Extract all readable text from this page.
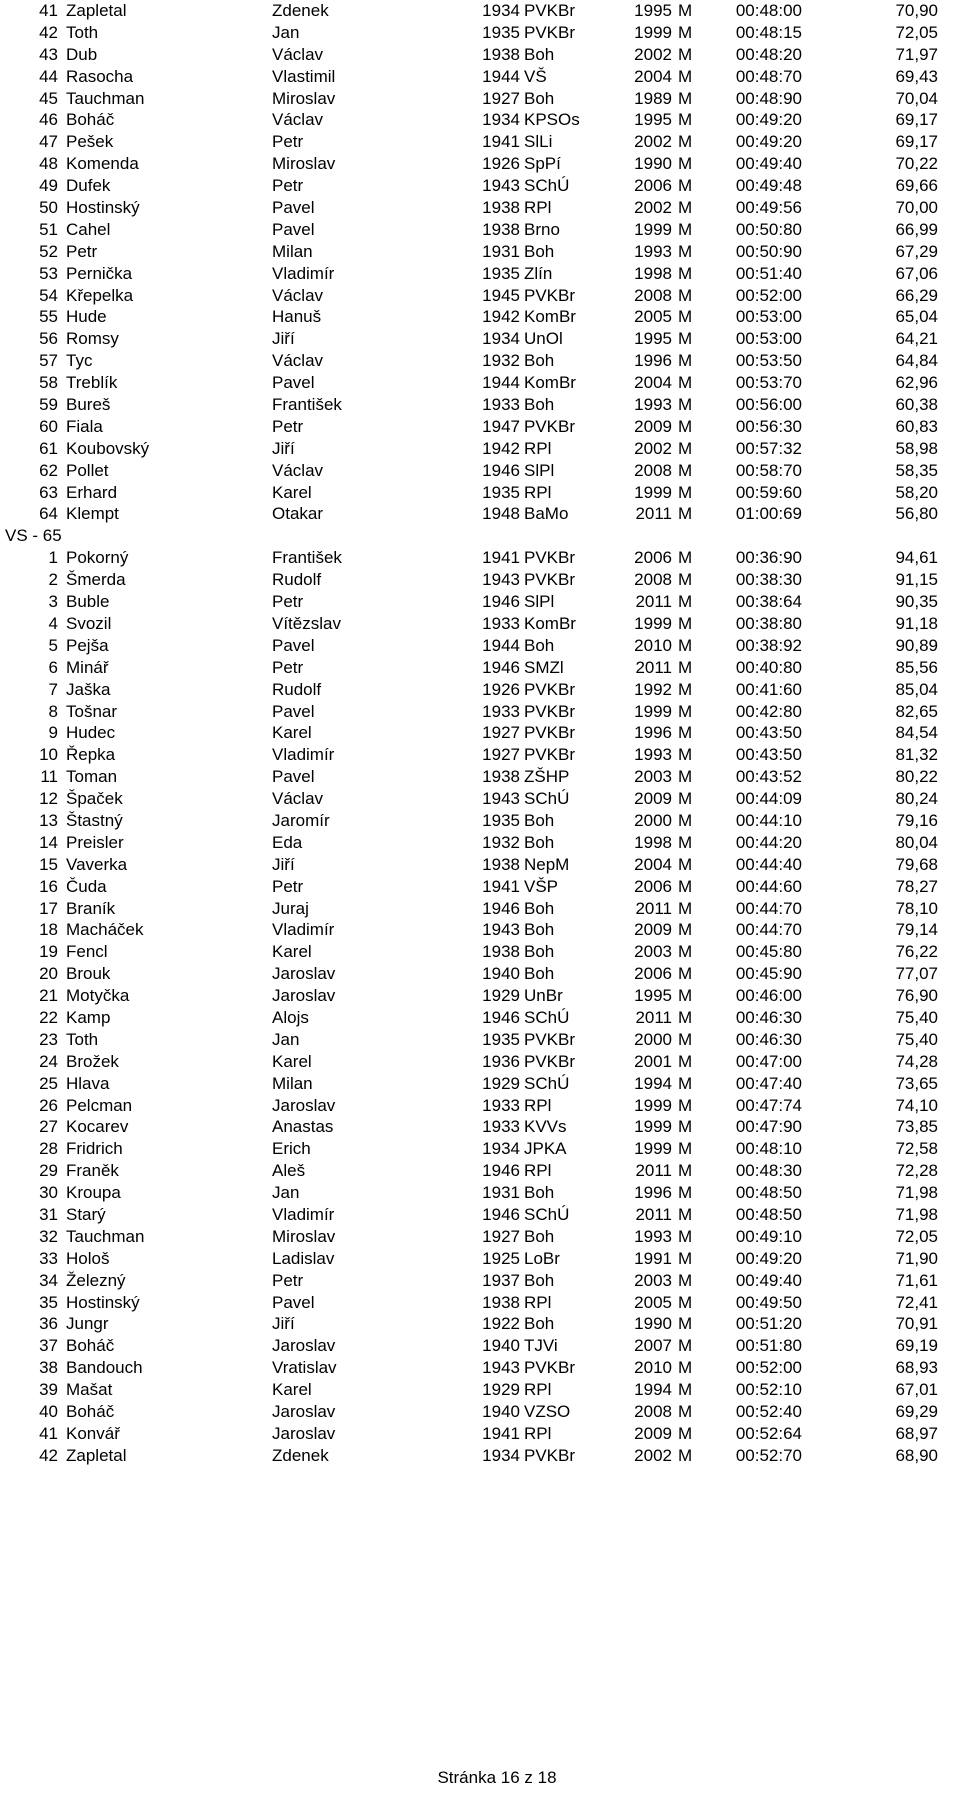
41 Zapletal	Zdenek	1934 PVKBr	1995 M	00:48:00	70,90
42 Toth	Jan	1935 PVKBr	1999 M	00:48:15	72,05
43 Dub	Václav	1938 Boh	2002 M	00:48:20	71,97
44 Rasocha	Vlastimil	1944 VŠ	2004 M	00:48:70	69,43
45 Tauchman	Miroslav	1927 Boh	1989 M	00:48:90	70,04
46 Boháč	Václav	1934 KPSOs	1995 M	00:49:20	69,17
47 Pešek	Petr	1941 SlLi	2002 M	00:49:20	69,17
48 Komenda	Miroslav	1926 SpPí	1990 M	00:49:40	70,22
49 Dufek	Petr	1943 SChÚ	2006 M	00:49:48	69,66
50 Hostinský	Pavel	1938 RPl	2002 M	00:49:56	70,00
51 Cahel	Pavel	1938 Brno	1999 M	00:50:80	66,99
52 Petr	Milan	1931 Boh	1993 M	00:50:90	67,29
53 Pernička	Vladimír	1935 Zlín	1998 M	00:51:40	67,06
54 Křepelka	Václav	1945 PVKBr	2008 M	00:52:00	66,29
55 Hude	Hanuš	1942 KomBr	2005 M	00:53:00	65,04
56 Romsy	Jiří	1934 UnOl	1995 M	00:53:00	64,21
57 Tyc	Václav	1932 Boh	1996 M	00:53:50	64,84
58 Treblík	Pavel	1944 KomBr	2004 M	00:53:70	62,96
59 Bureš	František	1933 Boh	1993 M	00:56:00	60,38
60 Fiala	Petr	1947 PVKBr	2009 M	00:56:30	60,83
61 Koubovský	Jiří	1942 RPl	2002 M	00:57:32	58,98
62 Pollet	Václav	1946 SlPl	2008 M	00:58:70	58,35
63 Erhard	Karel	1935 RPl	1999 M	00:59:60	58,20
64 Klempt	Otakar	1948 BaMo	2011 M	01:00:69	56,80
VS - 65
1 Pokorný	František	1941 PVKBr	2006 M	00:36:90	94,61
2 Šmerda	Rudolf	1943 PVKBr	2008 M	00:38:30	91,15
3 Buble	Petr	1946 SlPl	2011 M	00:38:64	90,35
4 Svozil	Vítězslav	1933 KomBr	1999 M	00:38:80	91,18
5 Pejša	Pavel	1944 Boh	2010 M	00:38:92	90,89
6 Minář	Petr	1946 SMZl	2011 M	00:40:80	85,56
7 Jaška	Rudolf	1926 PVKBr	1992 M	00:41:60	85,04
8 Tošnar	Pavel	1933 PVKBr	1999 M	00:42:80	82,65
9 Hudec	Karel	1927 PVKBr	1996 M	00:43:50	84,54
10 Řepka	Vladimír	1927 PVKBr	1993 M	00:43:50	81,32
11 Toman	Pavel	1938 ZŠHP	2003 M	00:43:52	80,22
12 Špaček	Václav	1943 SChÚ	2009 M	00:44:09	80,24
13 Štastný	Jaromír	1935 Boh	2000 M	00:44:10	79,16
14 Preisler	Eda	1932 Boh	1998 M	00:44:20	80,04
15 Vaverka	Jiří	1938 NepM	2004 M	00:44:40	79,68
16 Čuda	Petr	1941 VŠP	2006 M	00:44:60	78,27
17 Braník	Juraj	1946 Boh	2011 M	00:44:70	78,10
18 Macháček	Vladimír	1943 Boh	2009 M	00:44:70	79,14
19 Fencl	Karel	1938 Boh	2003 M	00:45:80	76,22
20 Brouk	Jaroslav	1940 Boh	2006 M	00:45:90	77,07
21 Motyčka	Jaroslav	1929 UnBr	1995 M	00:46:00	76,90
22 Kamp	Alojs	1946 SChÚ	2011 M	00:46:30	75,40
23 Toth	Jan	1935 PVKBr	2000 M	00:46:30	75,40
24 Brožek	Karel	1936 PVKBr	2001 M	00:47:00	74,28
25 Hlava	Milan	1929 SChÚ	1994 M	00:47:40	73,65
26 Pelcman	Jaroslav	1933 RPl	1999 M	00:47:74	74,10
27 Kocarev	Anastas	1933 KVVs	1999 M	00:47:90	73,85
28 Fridrich	Erich	1934 JPKA	1999 M	00:48:10	72,58
29 Franěk	Aleš	1946 RPl	2011 M	00:48:30	72,28
30 Kroupa	Jan	1931 Boh	1996 M	00:48:50	71,98
31 Starý	Vladimír	1946 SChÚ	2011 M	00:48:50	71,98
32 Tauchman	Miroslav	1927 Boh	1993 M	00:49:10	72,05
33 Hološ	Ladislav	1925 LoBr	1991 M	00:49:20	71,90
34 Železný	Petr	1937 Boh	2003 M	00:49:40	71,61
35 Hostinský	Pavel	1938 RPl	2005 M	00:49:50	72,41
36 Jungr	Jiří	1922 Boh	1990 M	00:51:20	70,91
37 Boháč	Jaroslav	1940 TJVi	2007 M	00:51:80	69,19
38 Bandouch	Vratislav	1943 PVKBr	2010 M	00:52:00	68,93
39 Mašat	Karel	1929 RPl	1994 M	00:52:10	67,01
40 Boháč	Jaroslav	1940 VZSO	2008 M	00:52:40	69,29
41 Konvář	Jaroslav	1941 RPl	2009 M	00:52:64	68,97
42 Zapletal	Zdenek	1934 PVKBr	2002 M	00:52:70	68,90
Stránka 16 z 18
